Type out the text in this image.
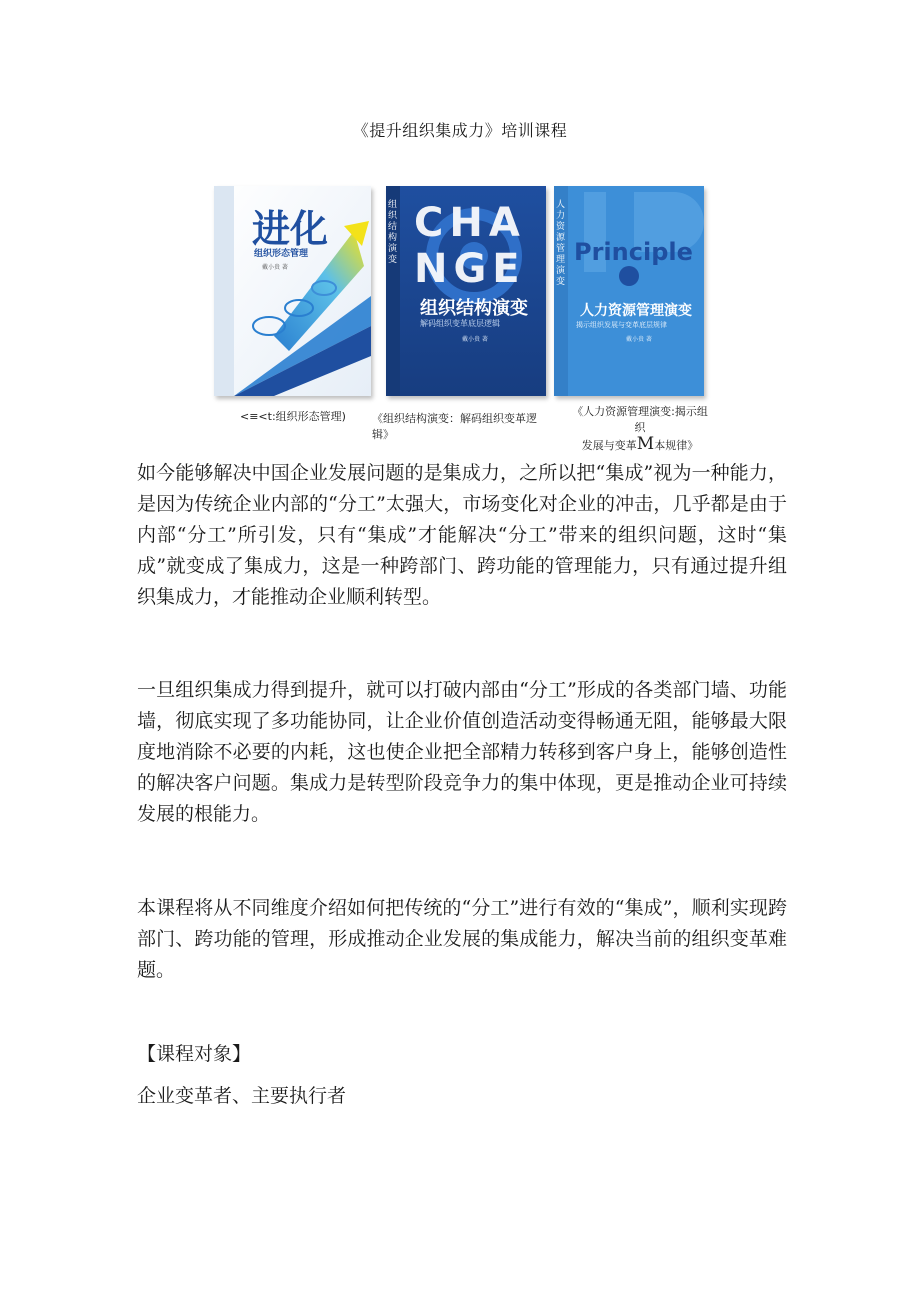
《提升组织集成力》培训课程
进化
组织形态管理
戴小贵 著
组织结构演变
CHA
NGE
组织结构演变
解码组织变革底层逻辑
戴小贵 著
人力资源管理演变
Principle
人力资源管理演变
揭示组织发展与变革底层规律
戴小贵 著
<≡<t:组织形态管理)	《组织结构演变：解码组织变革逻辑》
《人力资源管理演变:揭示组 织
发展与变革M本规律》

如今能够解决中国企业发展问题的是集成力，之所以把“集成”视为一种能力，是因为传统企业内部的“分工”太强大，市场变化对企业的冲击，几乎都是由于内部“分工”所引发，只有“集成”才能解决“分工”带来的组织问题，这时“集成”就变成了集成力，这是一种跨部门、跨功能的管理能力，只有通过提升组织集成力，才能推动企业顺利转型。

一旦组织集成力得到提升，就可以打破内部由“分工”形成的各类部门墙、功能墙，彻底实现了多功能协同，让企业价值创造活动变得畅通无阻，能够最大限度地消除不必要的内耗，这也使企业把全部精力转移到客户身上，能够创造性的解决客户问题。集成力是转型阶段竞争力的集中体现，更是推动企业可持续发展的根能力。

本课程将从不同维度介绍如何把传统的“分工”进行有效的“集成”，顺利实现跨部门、跨功能的管理，形成推动企业发展的集成能力，解决当前的组织变革难题。

【课程对象】

企业变革者、主要执行者
